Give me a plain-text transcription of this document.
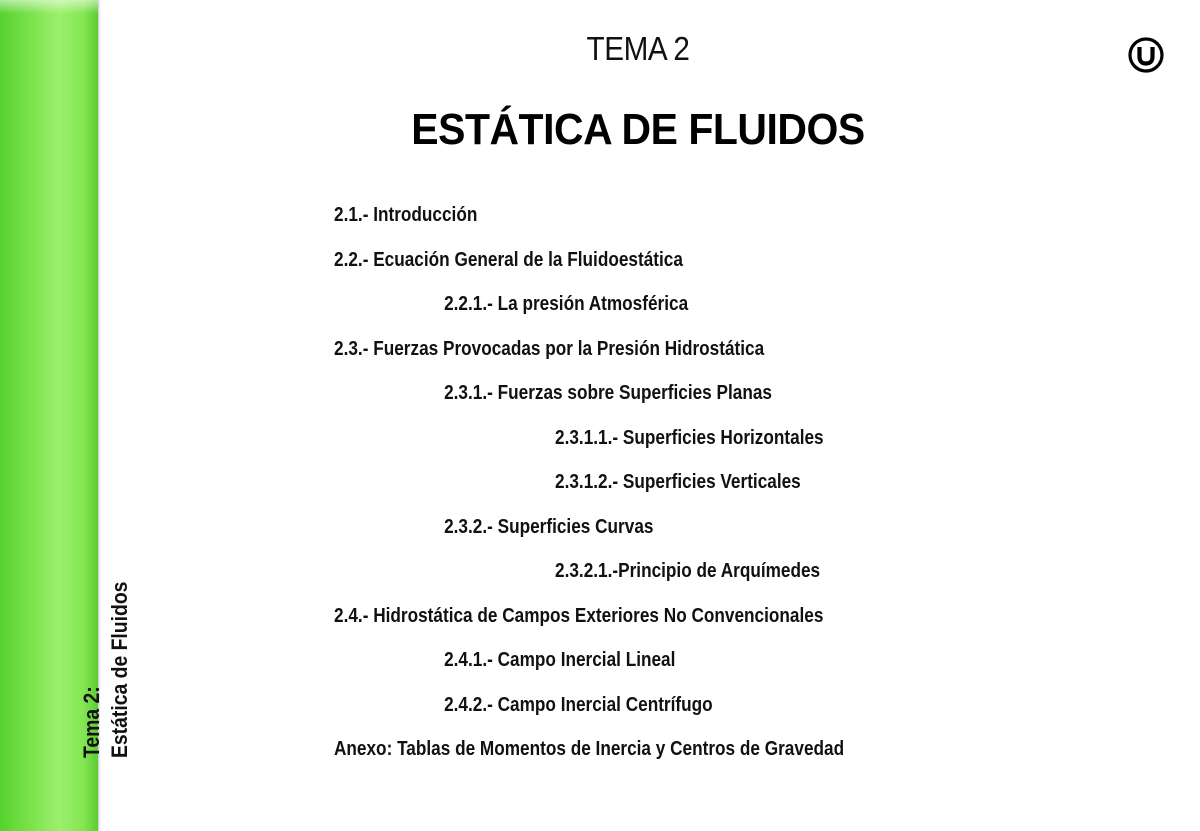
Tema 2: Estática de Fluidos
u
TEMA 2
ESTÁTICA DE FLUIDOS
2.1.- Introducción
2.2.- Ecuación General de la Fluidoestática
2.2.1.- La presión Atmosférica
2.3.- Fuerzas Provocadas por la Presión Hidrostática
2.3.1.- Fuerzas sobre Superficies Planas
2.3.1.1.- Superficies Horizontales
2.3.1.2.- Superficies Verticales
2.3.2.- Superficies Curvas
2.3.2.1.-Principio de Arquímedes
2.4.- Hidrostática de Campos Exteriores No Convencionales
2.4.1.- Campo Inercial Lineal
2.4.2.- Campo Inercial Centrífugo
Anexo: Tablas de Momentos de Inercia y Centros de Gravedad
